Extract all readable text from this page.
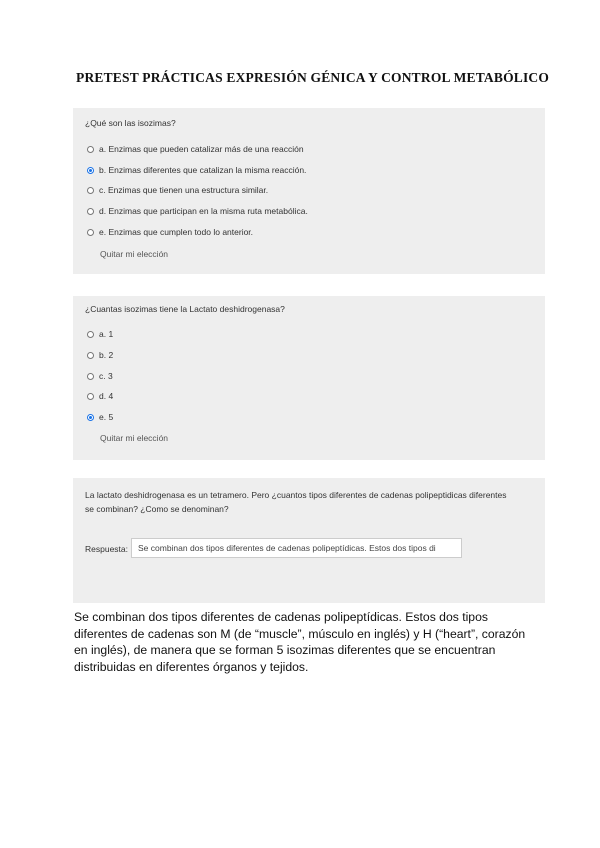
PRETEST PRÁCTICAS EXPRESIÓN GÉNICA Y CONTROL METABÓLICO
¿Qué son las isozimas?
a. Enzimas que pueden catalizar más de una reacción
b. Enzimas diferentes que catalizan la misma reacción.
c. Enzimas que tienen una estructura similar.
d. Enzimas que participan en la misma ruta metabólica.
e. Enzimas que cumplen todo lo anterior.
Quitar mi elección
¿Cuantas isozimas tiene la Lactato deshidrogenasa?
a. 1
b. 2
c. 3
d. 4
e. 5
Quitar mi elección
La lactato deshidrogenasa es un tetramero. Pero ¿cuantos tipos diferentes de cadenas polipeptidicas diferentes
se combinan? ¿Como se denominan?
Respuesta:
Se combinan dos tipos diferentes de cadenas polipeptídicas. Estos dos tipos di
Se combinan dos tipos diferentes de cadenas polipeptídicas. Estos dos tipos
diferentes de cadenas son M (de “muscle”, músculo en inglés) y H (“heart”, corazón
en inglés), de manera que se forman 5 isozimas diferentes que se encuentran
distribuidas en diferentes órganos y tejidos.
